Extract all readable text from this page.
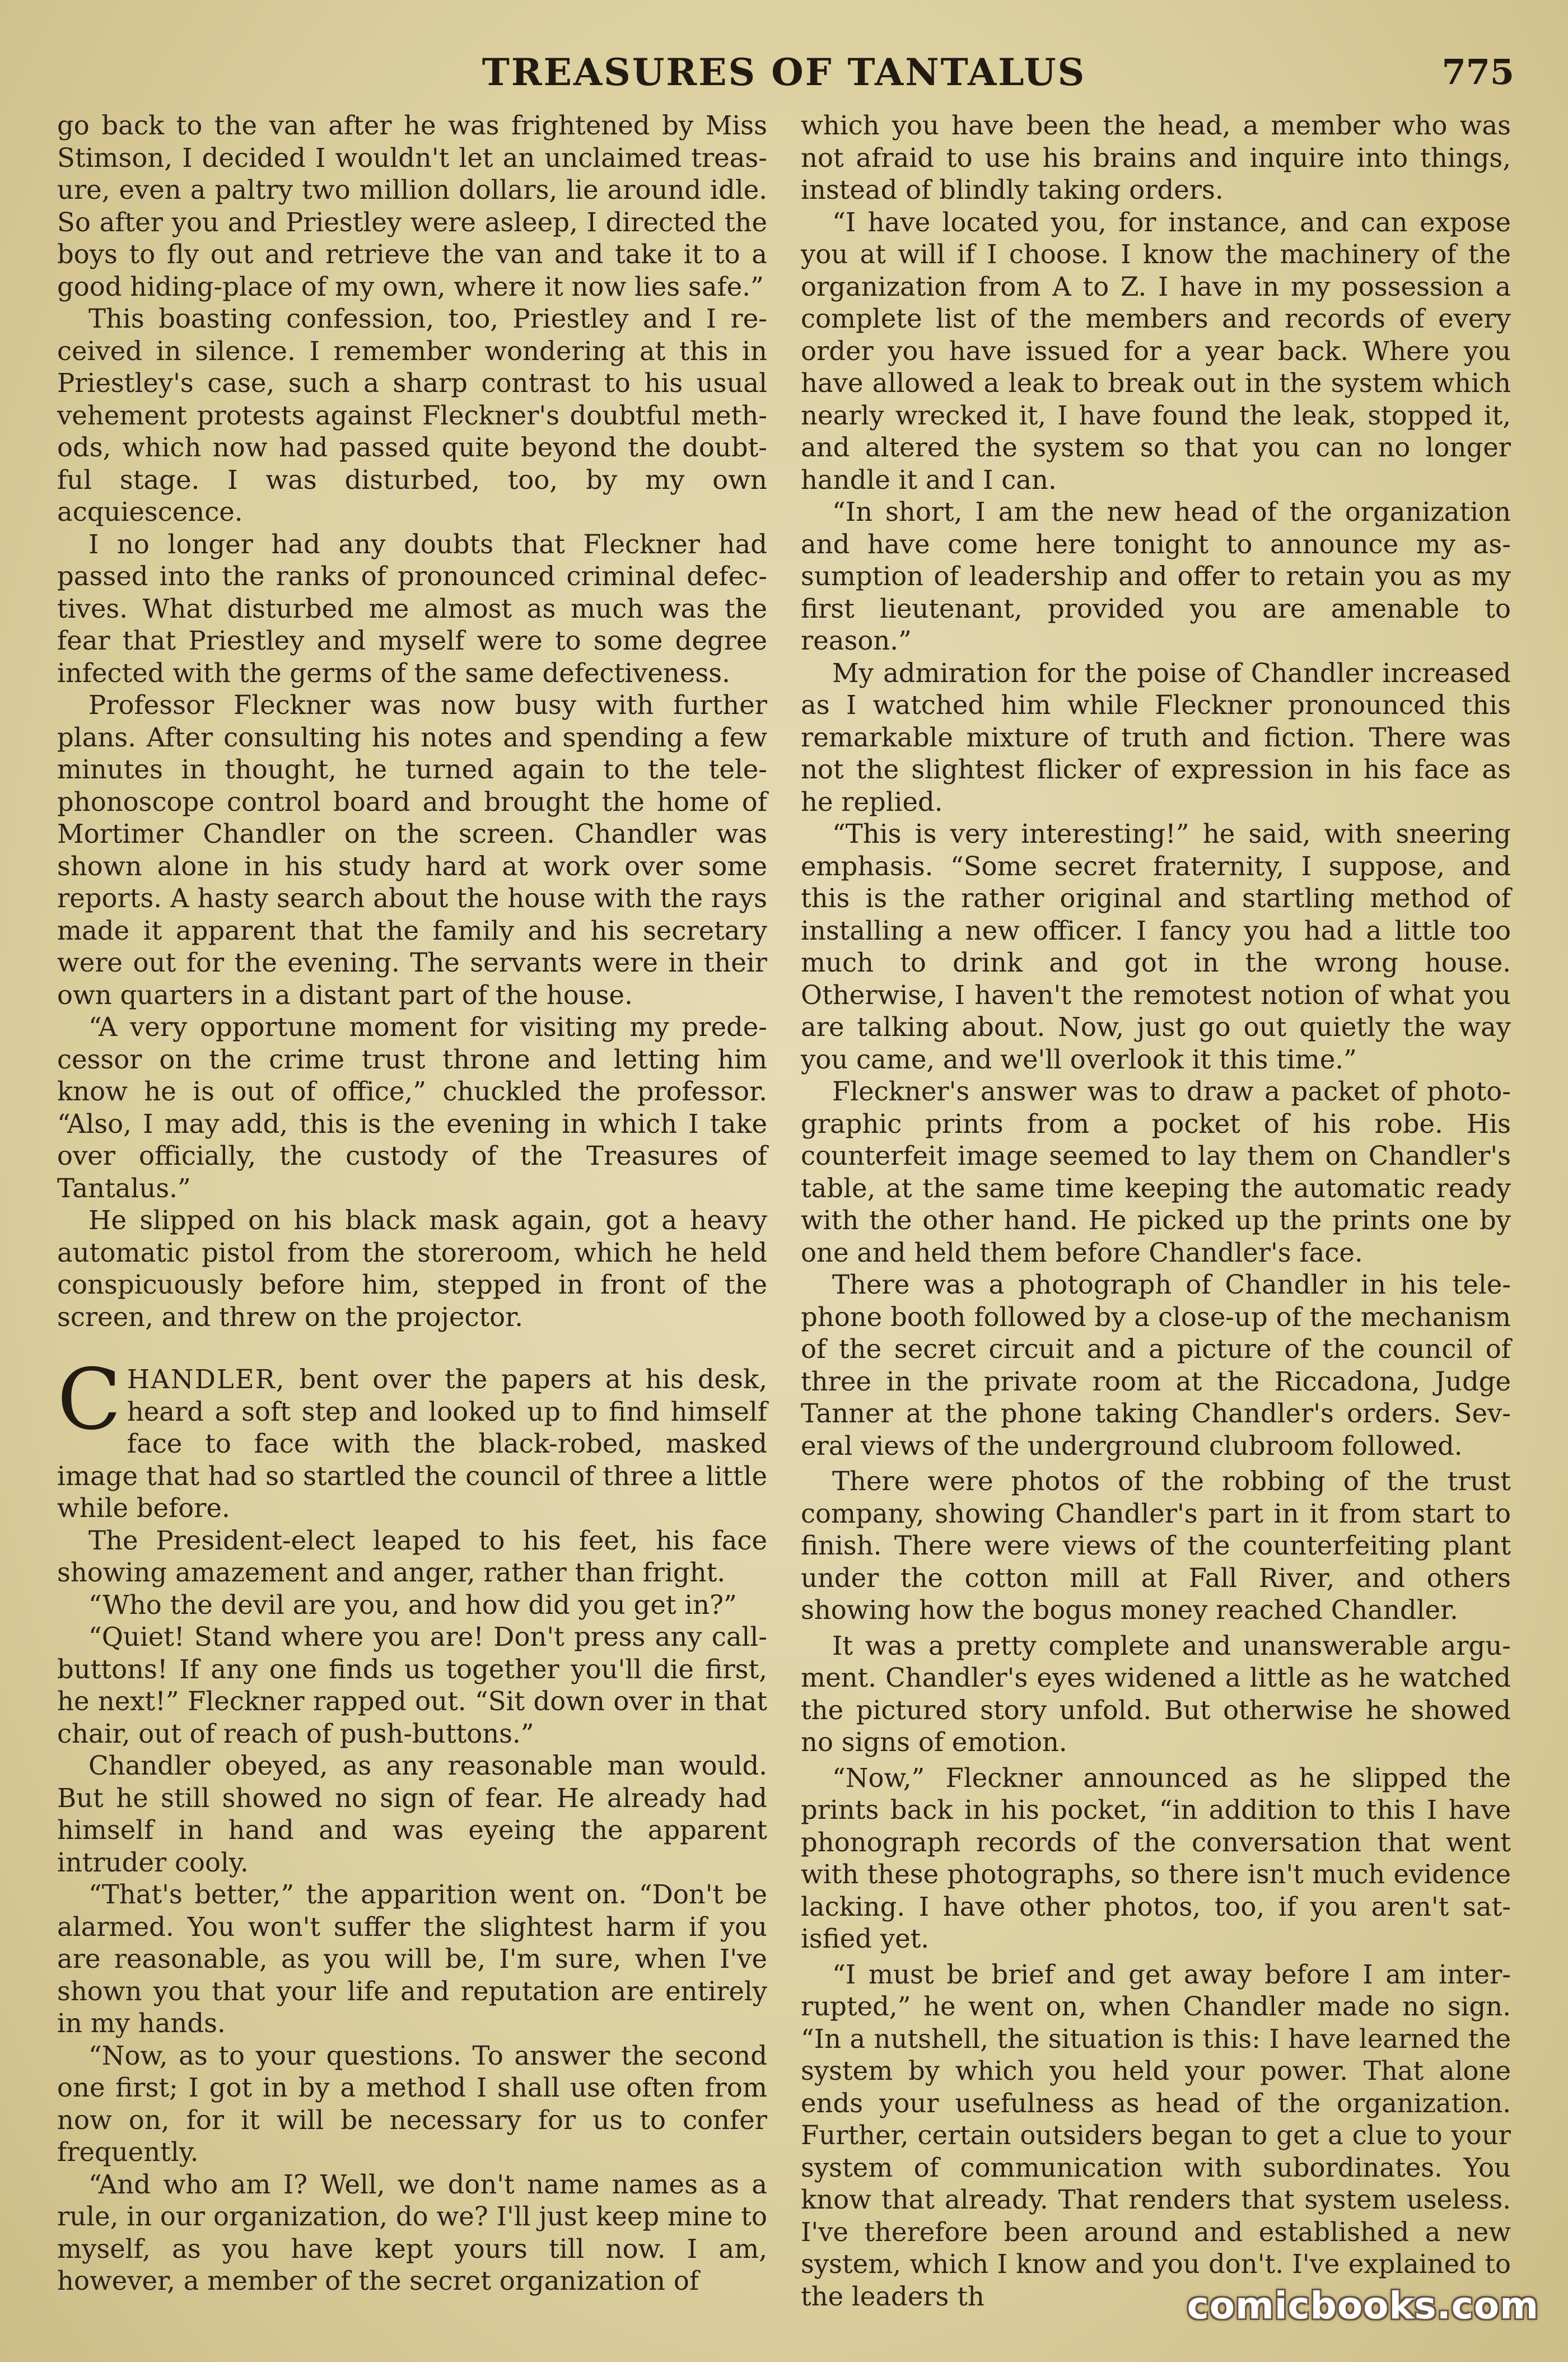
TREASURES OF TANTALUS	775

go back to the van after he was frightened by Miss Stimson, I decided I wouldn't let an unclaimed treasure, even a paltry two million dollars, lie around idle. So after you and Priestley were asleep, I directed the boys to fly out and retrieve the van and take it to a good hiding-place of my own, where it now lies safe.”

This boasting confession, too, Priestley and I received in silence. I remember wondering at this in Priestley's case, such a sharp contrast to his usual vehement protests against Fleckner's doubtful methods, which now had passed quite beyond the doubtful stage. I was disturbed, too, by my own acquiescence.

I no longer had any doubts that Fleckner had passed into the ranks of pronounced criminal defectives. What disturbed me almost as much was the fear that Priestley and myself were to some degree infected with the germs of the same defectiveness.

Professor Fleckner was now busy with further plans. After consulting his notes and spending a few minutes in thought, he turned again to the telephonoscope control board and brought the home of Mortimer Chandler on the screen. Chandler was shown alone in his study hard at work over some reports. A hasty search about the house with the rays made it apparent that the family and his secretary were out for the evening. The servants were in their own quarters in a distant part of the house.

“A very opportune moment for visiting my predecessor on the crime trust throne and letting him know he is out of office,” chuckled the professor. “Also, I may add, this is the evening in which I take over officially, the custody of the Treasures of Tantalus.”

He slipped on his black mask again, got a heavy automatic pistol from the storeroom, which he held conspicuously before him, stepped in front of the screen, and threw on the projector.

CHANDLER, bent over the papers at his desk, heard a soft step and looked up to find himself face to face with the black-robed, masked image that had so startled the council of three a little while before.

The President-elect leaped to his feet, his face showing amazement and anger, rather than fright.

“Who the devil are you, and how did you get in?”

“Quiet! Stand where you are! Don't press any call-buttons! If any one finds us together you'll die first, he next!” Fleckner rapped out. “Sit down over in that chair, out of reach of push-buttons.”

Chandler obeyed, as any reasonable man would. But he still showed no sign of fear. He already had himself in hand and was eyeing the apparent intruder cooly.

“That's better,” the apparition went on. “Don't be alarmed. You won't suffer the slightest harm if you are reasonable, as you will be, I'm sure, when I've shown you that your life and reputation are entirely in my hands.

“Now, as to your questions. To answer the second one first; I got in by a method I shall use often from now on, for it will be necessary for us to confer frequently.

“And who am I? Well, we don't name names as a rule, in our organization, do we? I'll just keep mine to myself, as you have kept yours till now. I am, however, a member of the secret organization of

which you have been the head, a member who was not afraid to use his brains and inquire into things, instead of blindly taking orders.

“I have located you, for instance, and can expose you at will if I choose. I know the machinery of the organization from A to Z. I have in my possession a complete list of the members and records of every order you have issued for a year back. Where you have allowed a leak to break out in the system which nearly wrecked it, I have found the leak, stopped it, and altered the system so that you can no longer handle it and I can.

“In short, I am the new head of the organization and have come here tonight to announce my assumption of leadership and offer to retain you as my first lieutenant, provided you are amenable to reason.”

My admiration for the poise of Chandler increased as I watched him while Fleckner pronounced this remarkable mixture of truth and fiction. There was not the slightest flicker of expression in his face as he replied.

“This is very interesting!” he said, with sneering emphasis. “Some secret fraternity, I suppose, and this is the rather original and startling method of installing a new officer. I fancy you had a little too much to drink and got in the wrong house. Otherwise, I haven't the remotest notion of what you are talking about. Now, just go out quietly the way you came, and we'll overlook it this time.”

Fleckner's answer was to draw a packet of photographic prints from a pocket of his robe. His counterfeit image seemed to lay them on Chandler's table, at the same time keeping the automatic ready with the other hand. He picked up the prints one by one and held them before Chandler's face.

There was a photograph of Chandler in his telephone booth followed by a close-up of the mechanism of the secret circuit and a picture of the council of three in the private room at the Riccadona, Judge Tanner at the phone taking Chandler's orders. Several views of the underground clubroom followed.

There were photos of the robbing of the trust company, showing Chandler's part in it from start to finish. There were views of the counterfeiting plant under the cotton mill at Fall River, and others showing how the bogus money reached Chandler.

It was a pretty complete and unanswerable argument. Chandler's eyes widened a little as he watched the pictured story unfold. But otherwise he showed no signs of emotion.

“Now,” Fleckner announced as he slipped the prints back in his pocket, “in addition to this I have phonograph records of the conversation that went with these photographs, so there isn't much evidence lacking. I have other photos, too, if you aren't satisfied yet.

“I must be brief and get away before I am interrupted,” he went on, when Chandler made no sign. “In a nutshell, the situation is this: I have learned the system by which you held your power. That alone ends your usefulness as head of the organization. Further, certain outsiders began to get a clue to your system of communication with subordinates. You know that already. That renders that system useless. I've therefore been around and established a new system, which I know and you don't. I've explained to the leaders th	comicbooks.com
